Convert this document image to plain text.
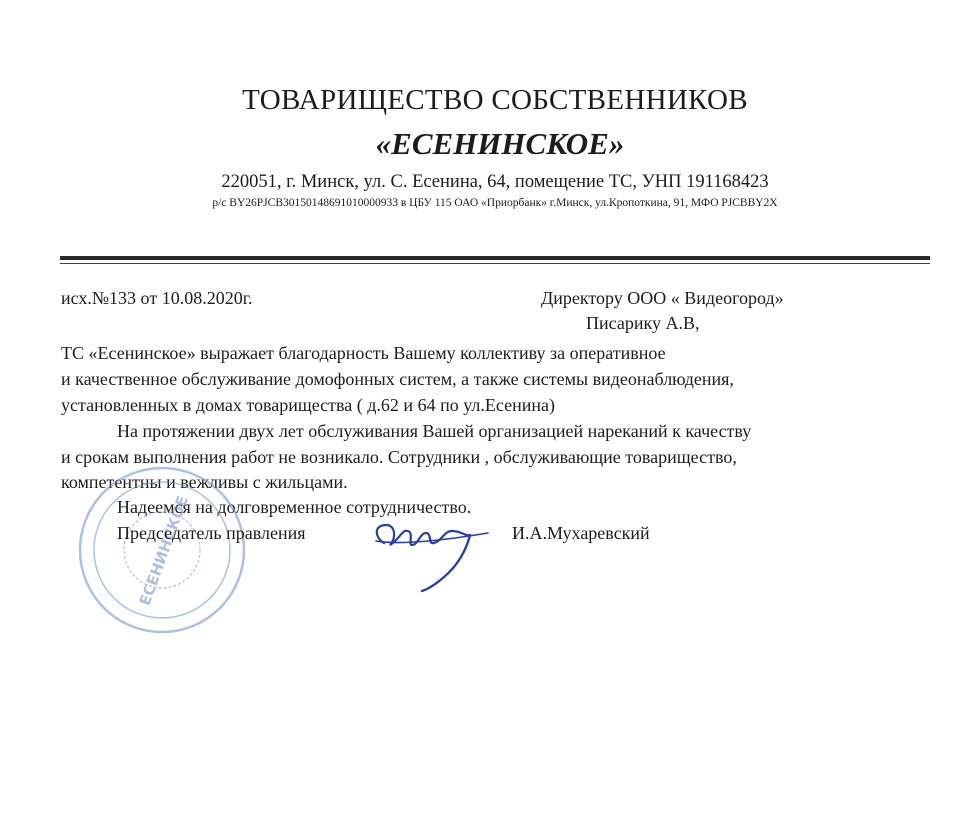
ТОВАРИЩЕСТВО СОБСТВЕННИКОВ
«ЕСЕНИНСКОЕ»
220051, г. Минск, ул. С. Есенина, 64, помещение ТС, УНП 191168423
р/с BY26PJCB30150148691010000933 в ЦБУ 115 ОАО «Приорбанк» г.Минск, ул.Кропоткина, 91, МФО PJCBBY2X
исх.№133 от 10.08.2020г.	Директору ООО « Видеогород»
Писарику А.В,
ТС «Есенинское» выражает благодарность Вашему коллективу за оперативное
и качественное обслуживание домофонных систем, а также системы видеонаблюдения,
установленных в домах товарищества ( д.62 и 64 по ул.Есенина)
На протяжении двух лет обслуживания Вашей организацией нареканий к качеству
и срокам выполнения работ не возникало. Сотрудники , обслуживающие товарищество,
компетентны и вежливы с жильцами.
Надеемся на долговременное сотрудничество.
ЕСЕНИНСКОЕ
Председатель правления	И.А.Мухаревский
